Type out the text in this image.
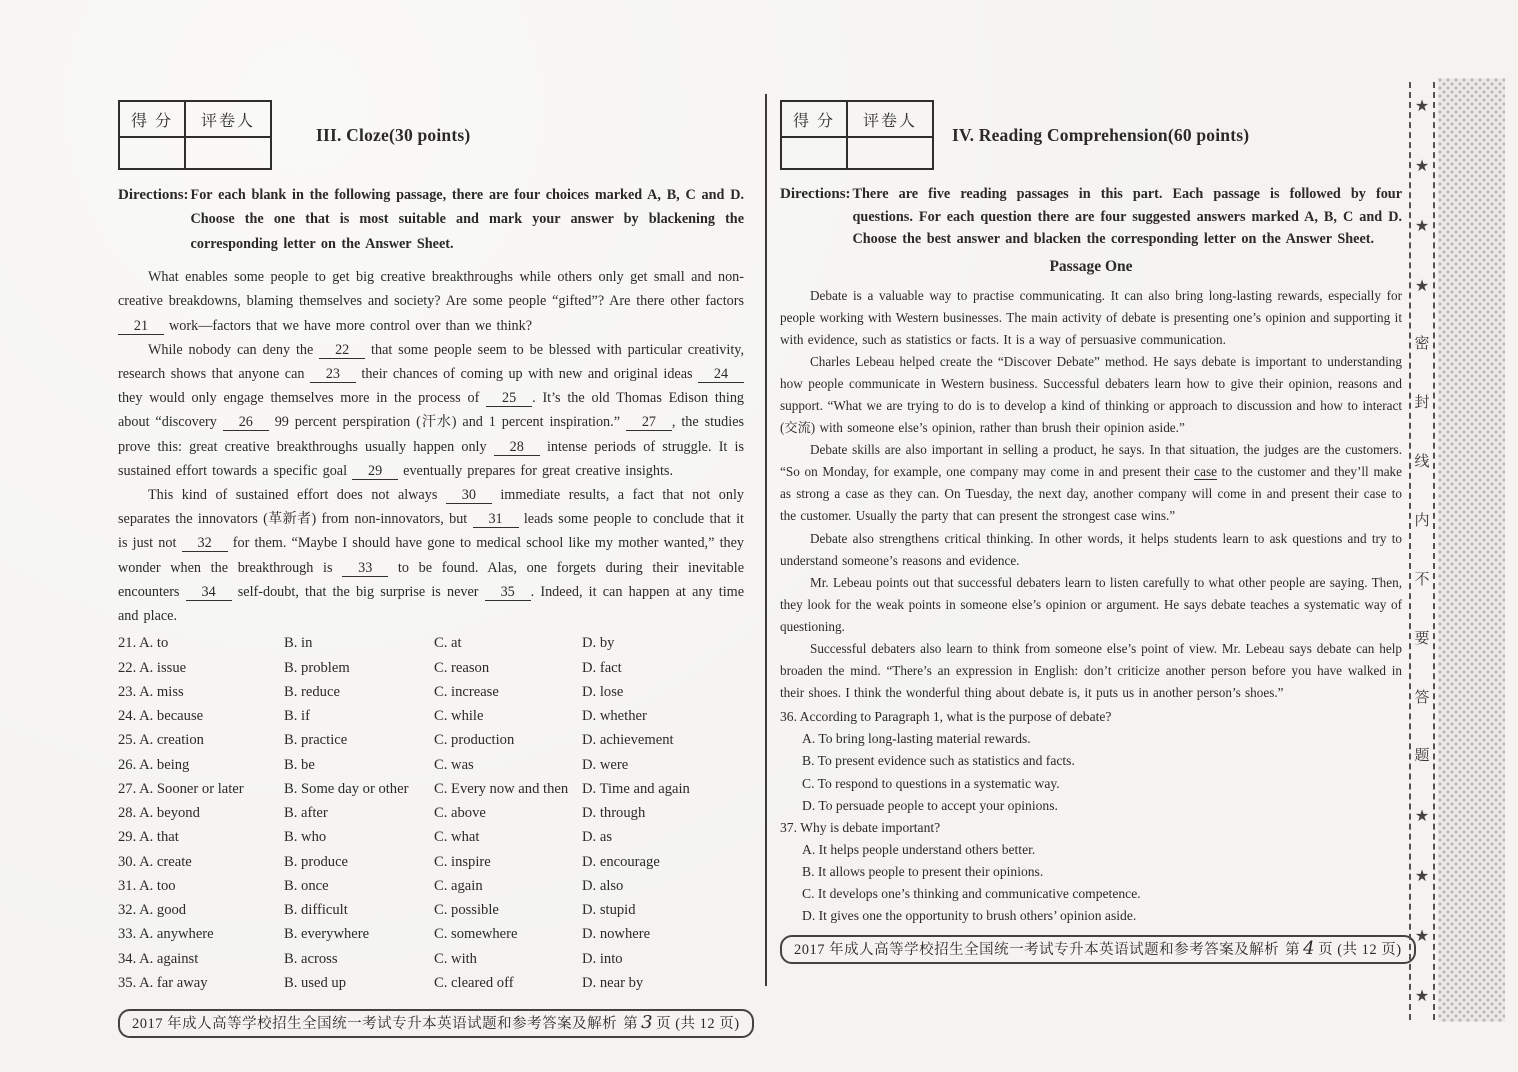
得 分	评卷人

III. Cloze(30 points)
Directions: For each blank in the following passage, there are four choices marked A, B, C and D. Choose the one that is most suitable and mark your answer by blackening the corresponding letter on the Answer Sheet.

What enables some people to get big creative breakthroughs while others only get small and non-creative breakdowns, blaming themselves and society? Are some people “gifted”? Are there other factors 21 work—factors that we have more control over than we think?

While nobody can deny the 22 that some people seem to be blessed with particular creativity, research shows that anyone can 23 their chances of coming up with new and original ideas 24 they would only engage themselves more in the process of 25 . It’s the old Thomas Edison thing about “discovery 26 99 percent perspiration (汗水) and 1 percent inspiration.” 27 , the studies prove this: great creative breakthroughs usually happen only 28 intense periods of struggle. It is sustained effort towards a specific goal 29 eventually prepares for great creative insights.

This kind of sustained effort does not always 30 immediate results, a fact that not only separates the innovators (革新者) from non-innovators, but 31 leads some people to conclude that it is just not 32 for them. “Maybe I should have gone to medical school like my mother wanted,” they wonder when the breakthrough is 33 to be found. Alas, one forgets during their inevitable encounters 34 self-doubt, that the big surprise is never 35 . Indeed, it can happen at any time and place.

21. A. to	B. in	C. at	D. by
22. A. issue	B. problem	C. reason	D. fact
23. A. miss	B. reduce	C. increase	D. lose
24. A. because	B. if	C. while	D. whether
25. A. creation	B. practice	C. production	D. achievement
26. A. being	B. be	C. was	D. were
27. A. Sooner or later	B. Some day or other	C. Every now and then D. Time and again
28. A. beyond	B. after	C. above	D. through
29. A. that	B. who	C. what	D. as
30. A. create	B. produce	C. inspire	D. encourage
31. A. too	B. once	C. again	D. also
32. A. good	B. difficult	C. possible	D. stupid
33. A. anywhere	B. everywhere	C. somewhere	D. nowhere
34. A. against	B. across	C. with	D. into
35. A. far away	B. used up	C. cleared off	D. near by
2017 年成人高等学校招生全国统一考试专升本英语试题和参考答案及解析 第 3 页 (共 12 页)
得 分	评卷人

IV. Reading Comprehension(60 points)
Directions: There are five reading passages in this part. Each passage is followed by four questions. For each question there are four suggested answers marked A, B, C and D. Choose the best answer and blacken the corresponding letter on the Answer Sheet.
Passage One

Debate is a valuable way to practise communicating. It can also bring long-lasting rewards, especially for people working with Western businesses. The main activity of debate is presenting one’s opinion and supporting it with evidence, such as statistics or facts. It is a way of persuasive communication.

Charles Lebeau helped create the “Discover Debate” method. He says debate is important to understanding how people communicate in Western business. Successful debaters learn how to give their opinion, reasons and support. “What we are trying to do is to develop a kind of thinking or approach to discussion and how to interact (交流) with someone else’s opinion, rather than brush their opinion aside.”

Debate skills are also important in selling a product, he says. In that situation, the judges are the customers. “So on Monday, for example, one company may come in and present their case to the customer and they’ll make as strong a case as they can. On Tuesday, the next day, another company will come in and present their case to the customer. Usually the party that can present the strongest case wins.”

Debate also strengthens critical thinking. In other words, it helps students learn to ask questions and try to understand someone’s reasons and evidence.

Mr. Lebeau points out that successful debaters learn to listen carefully to what other people are saying. Then, they look for the weak points in someone else’s opinion or argument. He says debate teaches a systematic way of questioning.

Successful debaters also learn to think from someone else’s point of view. Mr. Lebeau says debate can help broaden the mind. “There’s an expression in English: don’t criticize another person before you have walked in their shoes. I think the wonderful thing about debate is, it puts us in another person’s shoes.”

36. According to Paragraph 1, what is the purpose of debate?

A. To bring long-lasting material rewards.

B. To present evidence such as statistics and facts.

C. To respond to questions in a systematic way.

D. To persuade people to accept your opinions.

37. Why is debate important?

A. It helps people understand others better.

B. It allows people to present their opinions.

C. It develops one’s thinking and communicative competence.

D. It gives one the opportunity to brush others’ opinion aside.

2017 年成人高等学校招生全国统一考试专升本英语试题和参考答案及解析 第 4 页 (共 12 页)
★
★
★
★
密
封
线
内
不
要
答
题
★
★
★
★
